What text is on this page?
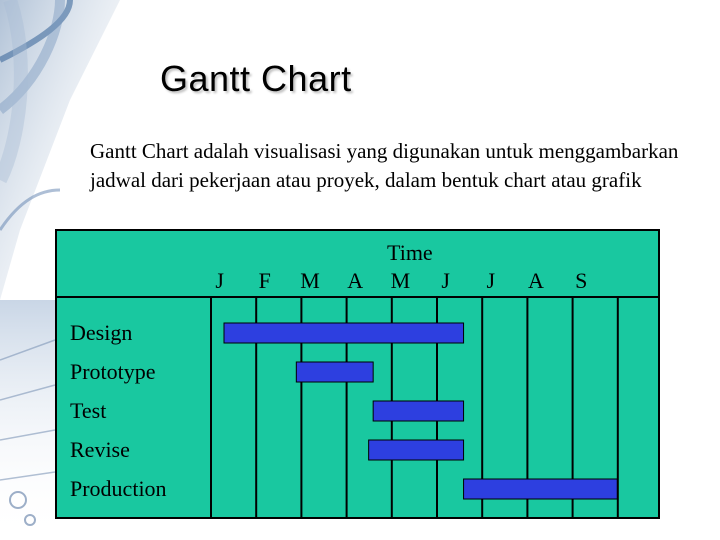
Gantt Chart
Gantt Chart adalah visualisasi yang digunakan untuk menggambarkan jadwal dari pekerjaan atau proyek, dalam bentuk chart atau grafik
Time
J F M A M J J A S
Design
Prototype
Test
Revise
Production
